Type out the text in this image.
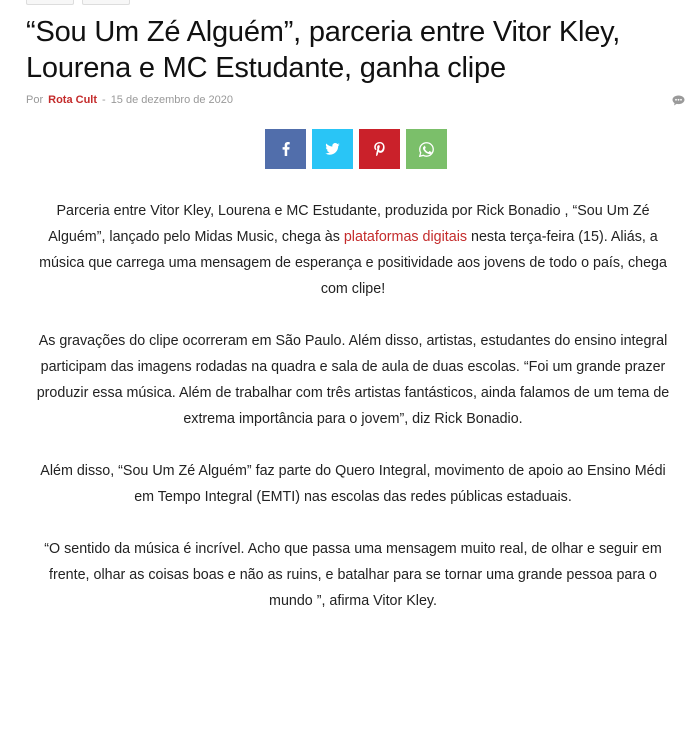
“Sou Um Zé Alguém”, parceria entre Vitor Kley,
Lourena e MC Estudante, ganha clipe
Por Rota Cult - 15 de dezembro de 2020

Parceria entre Vitor Kley, Lourena e MC Estudante, produzida por Rick Bonadio , “Sou Um Zé
Alguém”, lançado pelo Midas Music, chega às plataformas digitais nesta terça-feira (15). Aliás, a
música que carrega uma mensagem de esperança e positividade aos jovens de todo o país, chega
com clipe!

As gravações do clipe ocorreram em São Paulo. Além disso, artistas, estudantes do ensino integral
participam das imagens rodadas na quadra e sala de aula de duas escolas. “Foi um grande prazer
produzir essa música. Além de trabalhar com três artistas fantásticos, ainda falamos de um tema de
extrema importância para o jovem”, diz Rick Bonadio.

Além disso, “Sou Um Zé Alguém” faz parte do Quero Integral, movimento de apoio ao Ensino Médi
em Tempo Integral (EMTI) nas escolas das redes públicas estaduais.

“O sentido da música é incrível. Acho que passa uma mensagem muito real, de olhar e seguir em
frente, olhar as coisas boas e não as ruins, e batalhar para se tornar uma grande pessoa para o
mundo ”, afirma Vitor Kley.
